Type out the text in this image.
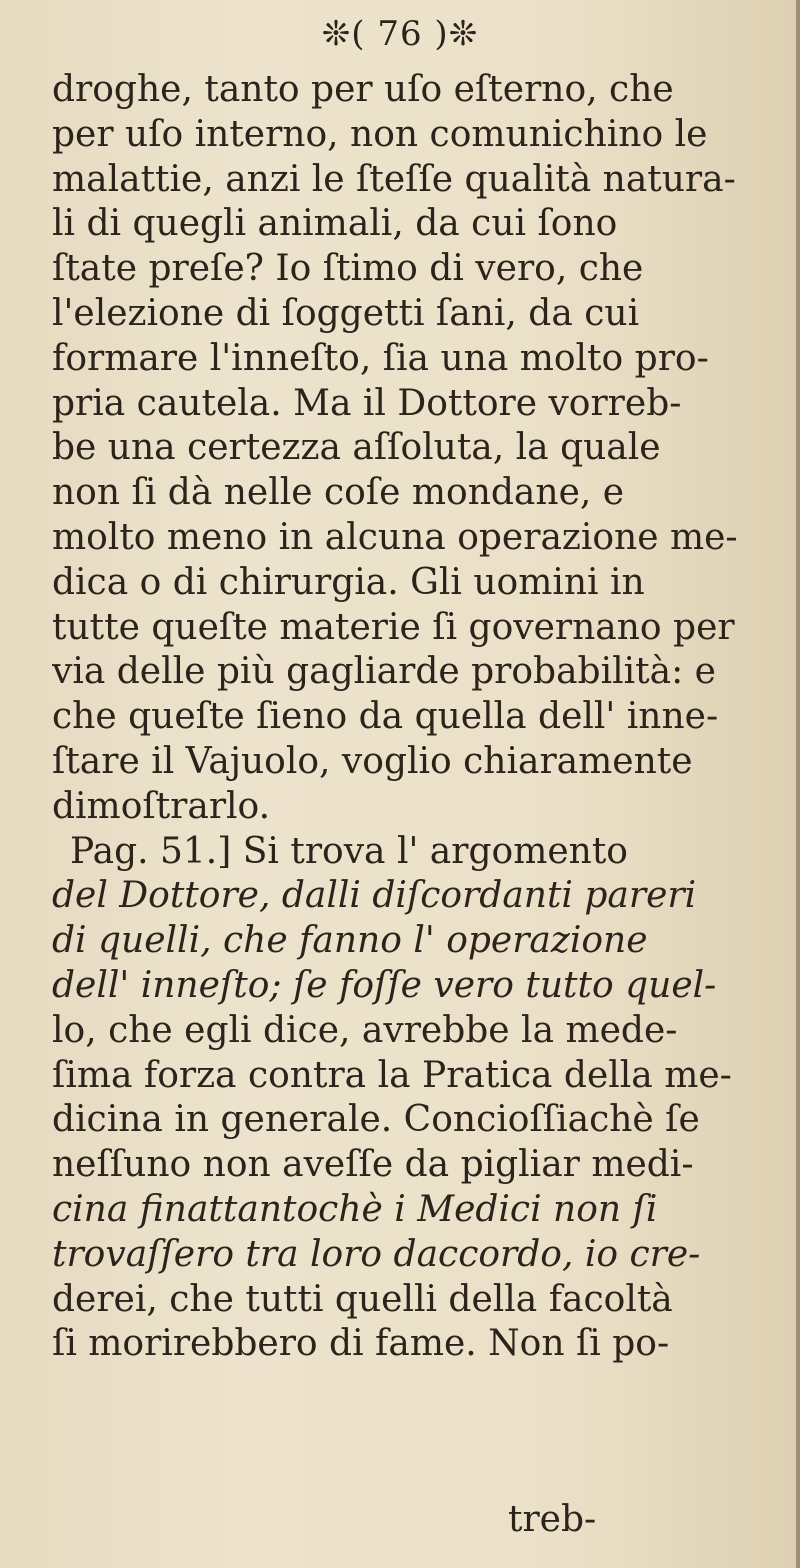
❊( 76 )❊
droghe, tanto per uſo eſterno, che
per uſo interno, non comunichino le
malattie, anzi le ſteſſe qualità natura-
li di quegli animali, da cui ſono
ſtate preſe? Io ſtimo di vero, che
l'elezione di ſoggetti ſani, da cui
formare l'inneſto, ſia una molto pro-
pria cautela. Ma il Dottore vorreb-
be una certezza aſſoluta, la quale
non ſi dà nelle coſe mondane, e
molto meno in alcuna operazione me-
dica o di chirurgia. Gli uomini in
tutte queſte materie ſi governano per
via delle più gagliarde probabilità: e
che queſte ſieno da quella dell' inne-
ſtare il Vajuolo, voglio chiaramente
dimoſtrarlo.
Pag. 51.] Si trova l' argomento
del Dottore, dalli diſcordanti pareri
di quelli, che fanno l' operazione
dell' inneſto; ſe foſſe vero tutto quel-
lo, che egli dice, avrebbe la mede-
ſima forza contra la Pratica della me-
dicina in generale. Concioſſiachè ſe
neſſuno non aveſſe da pigliar medi-
cina finattantochè i Medici non ſi
trovaſſero tra loro daccordo, io cre-
derei, che tutti quelli della facoltà
ſi morirebbero di fame. Non ſi po-
treb-
